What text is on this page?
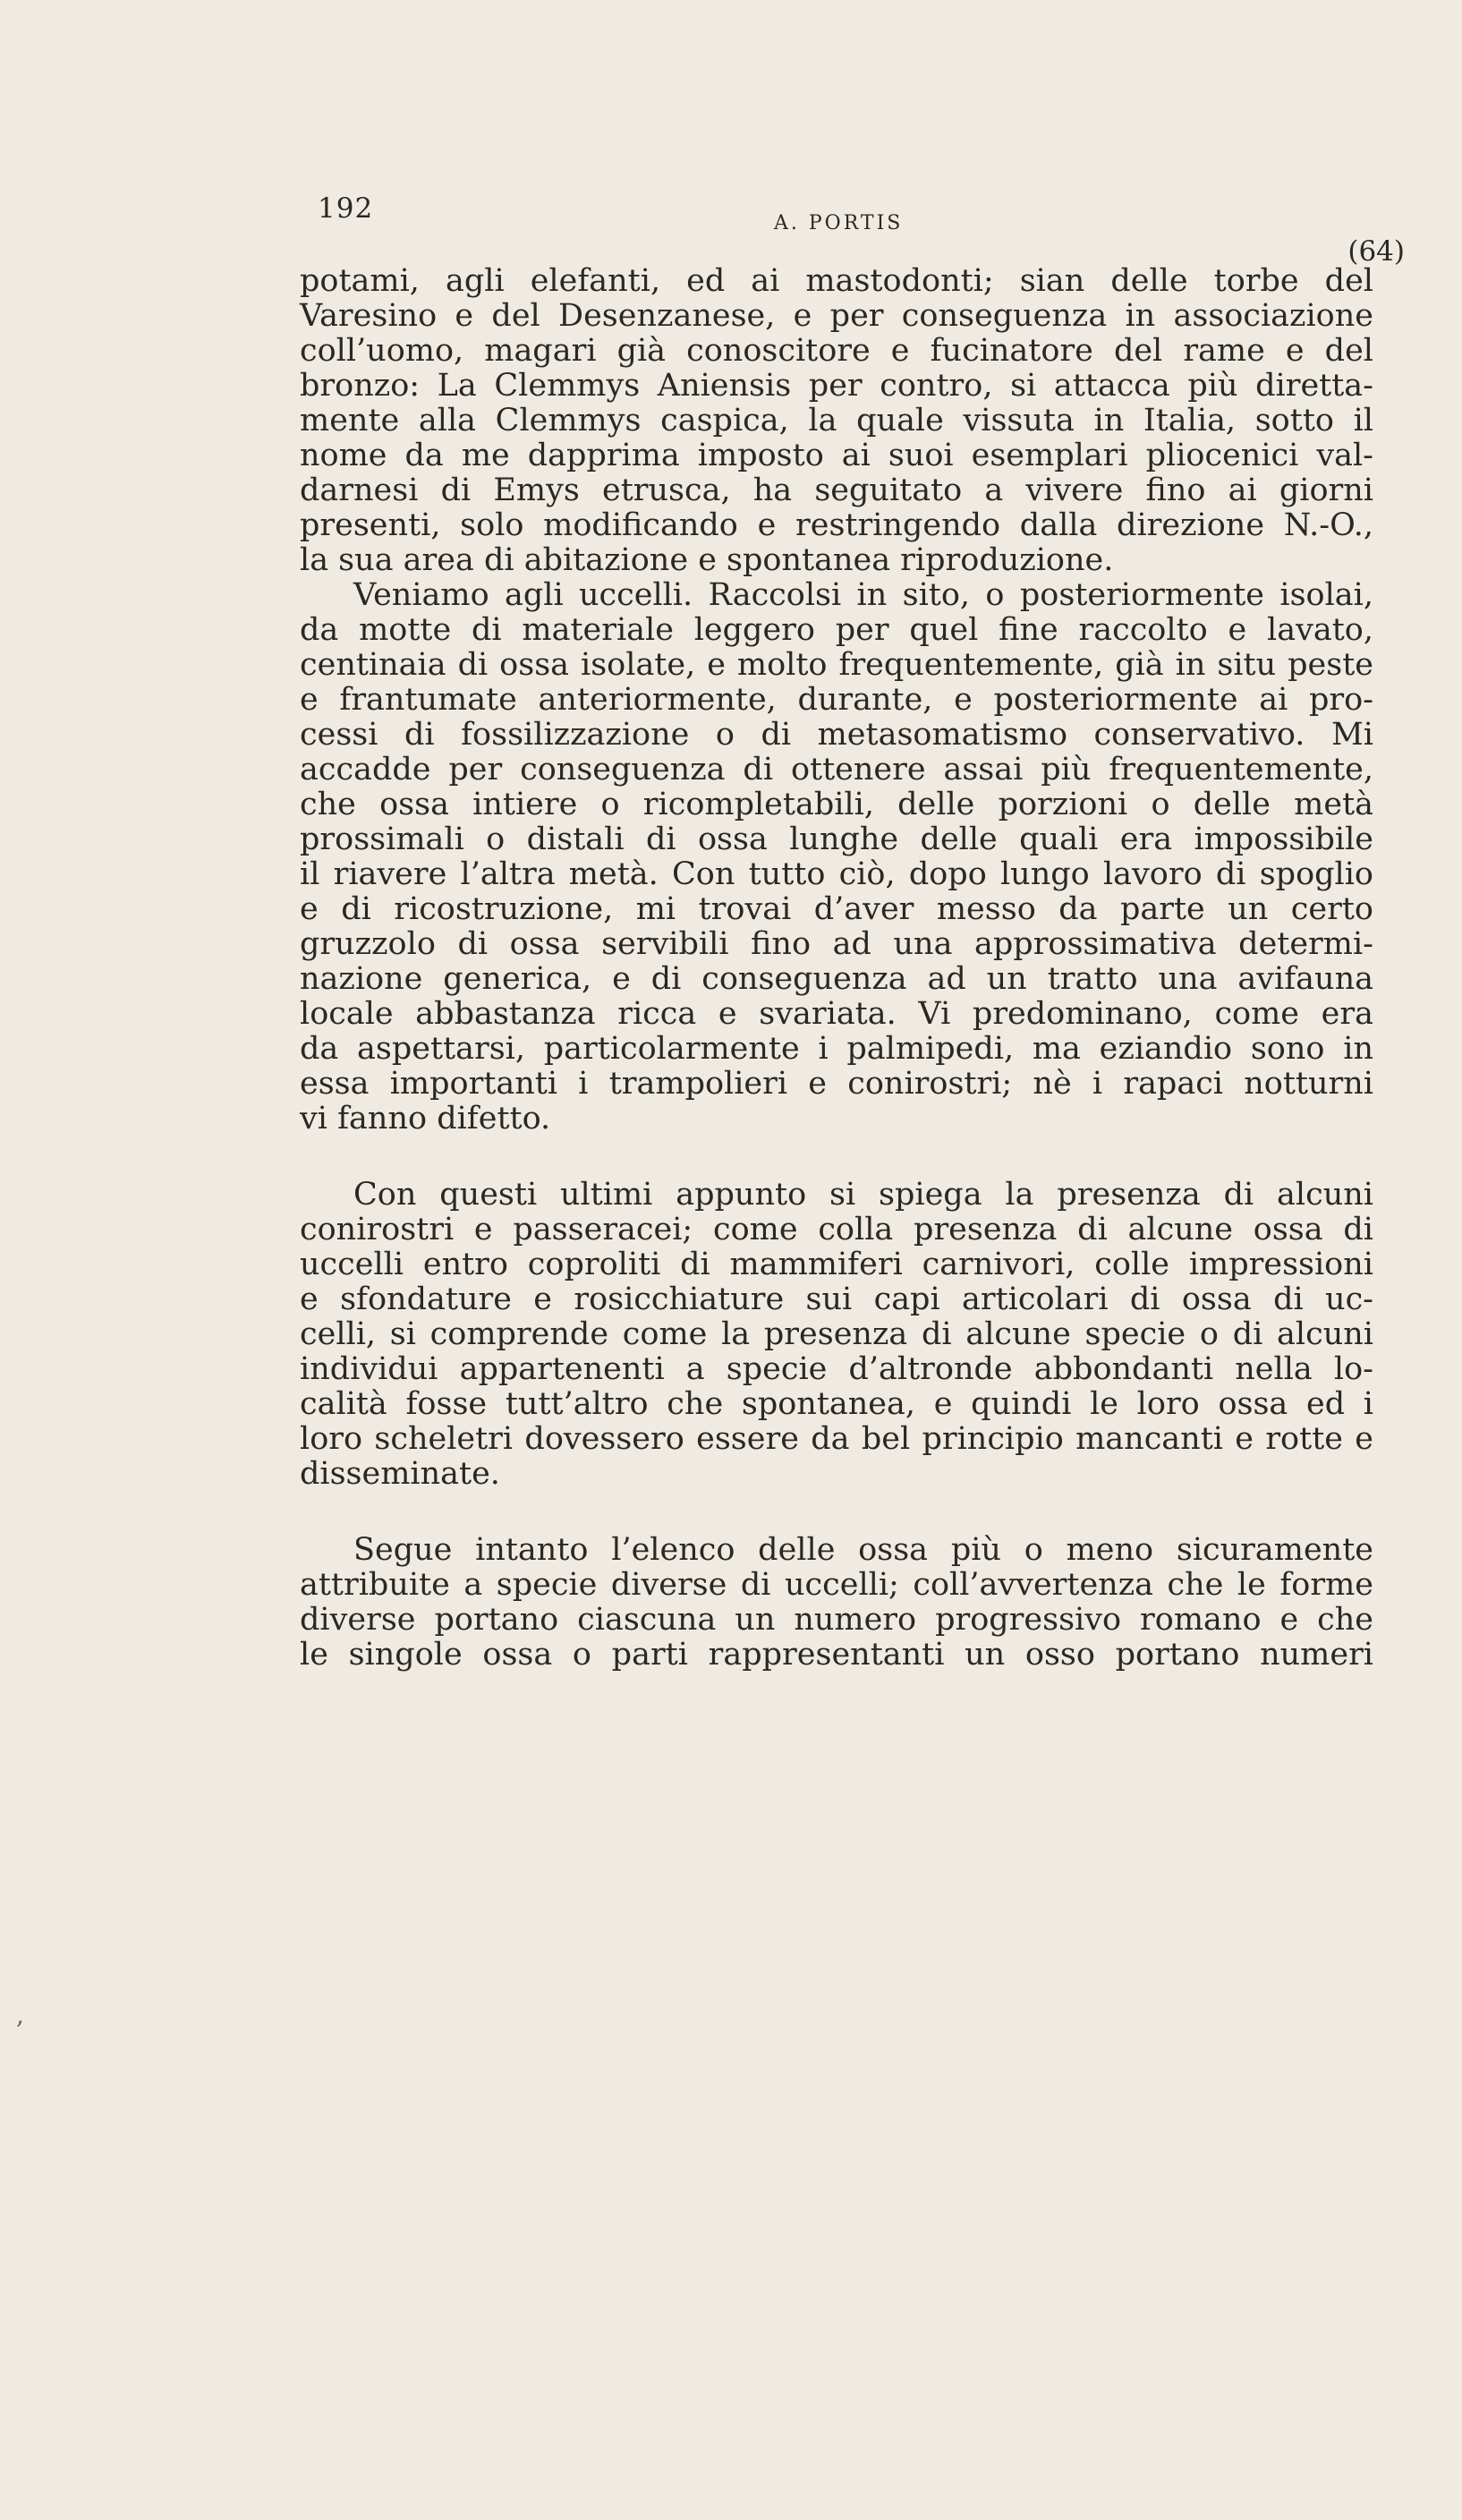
192	A. PORTIS
(64)
potami, agli elefanti, ed ai mastodonti; sian delle torbe del
Varesino e del Desenzanese, e per conseguenza in associazione
coll’uomo, magari già conoscitore e fucinatore del rame e del
bronzo: La Clemmys Aniensis per contro, si attacca più diretta-
mente alla Clemmys caspica, la quale vissuta in Italia, sotto il
nome da me dapprima imposto ai suoi esemplari pliocenici val-
darnesi di Emys etrusca, ha seguitato a vivere fino ai giorni
presenti, solo modificando e restringendo dalla direzione N.-O.,
la sua area di abitazione e spontanea riproduzione.
Veniamo agli uccelli. Raccolsi in sito, o posteriormente isolai,
da motte di materiale leggero per quel fine raccolto e lavato,
centinaia di ossa isolate, e molto frequentemente, già in situ peste
e frantumate anteriormente, durante, e posteriormente ai pro-
cessi di fossilizzazione o di metasomatismo conservativo. Mi
accadde per conseguenza di ottenere assai più frequentemente,
che ossa intiere o ricompletabili, delle porzioni o delle metà
prossimali o distali di ossa lunghe delle quali era impossibile
il riavere l’altra metà. Con tutto ciò, dopo lungo lavoro di spoglio
e di ricostruzione, mi trovai d’aver messo da parte un certo
gruzzolo di ossa servibili fino ad una approssimativa determi-
nazione generica, e di conseguenza ad un tratto una avifauna
locale abbastanza ricca e svariata. Vi predominano, come era
da aspettarsi, particolarmente i palmipedi, ma eziandio sono in
essa importanti i trampolieri e conirostri; nè i rapaci notturni
vi fanno difetto.
Con questi ultimi appunto si spiega la presenza di alcuni
conirostri e passeracei; come colla presenza di alcune ossa di
uccelli entro coproliti di mammiferi carnivori, colle impressioni
e sfondature e rosicchiature sui capi articolari di ossa di uc-
celli, si comprende come la presenza di alcune specie o di alcuni
individui appartenenti a specie d’altronde abbondanti nella lo-
calità fosse tutt’altro che spontanea, e quindi le loro ossa ed i
loro scheletri dovessero essere da bel principio mancanti e rotte e
disseminate.
Segue intanto l’elenco delle ossa più o meno sicuramente
attribuite a specie diverse di uccelli; coll’avvertenza che le forme
diverse portano ciascuna un numero progressivo romano e che
le singole ossa o parti rappresentanti un osso portano numeri
,
